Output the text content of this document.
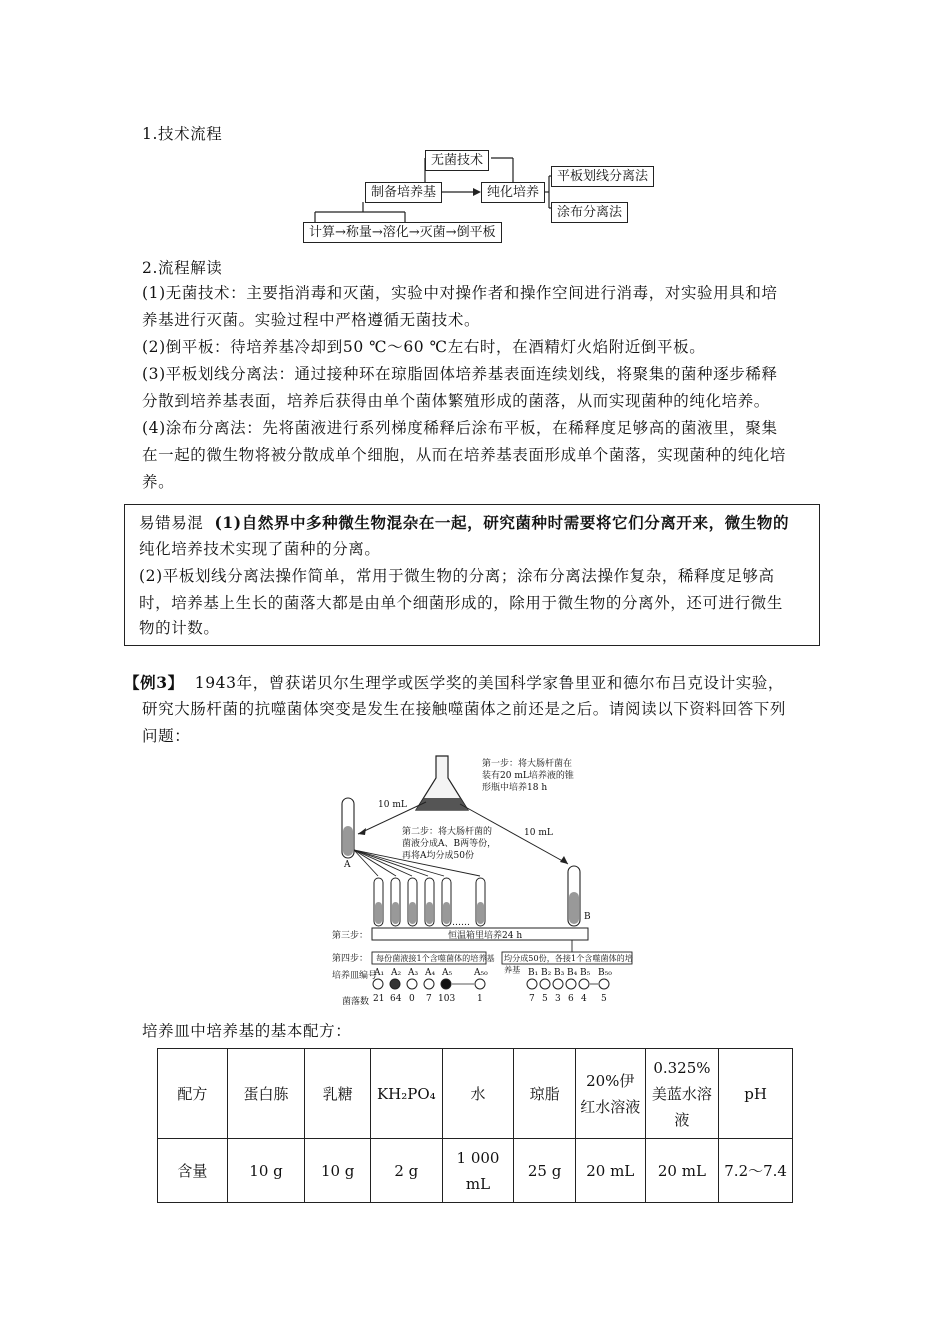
1.技术流程
无菌技术
制备培养基	纯化培养
平板划线分离法
涂布分离法
计算→称量→溶化→灭菌→倒平板
2.流程解读
(1)无菌技术：主要指消毒和灭菌，实验中对操作者和操作空间进行消毒，对实验用具和培
养基进行灭菌。实验过程中严格遵循无菌技术。
(2)倒平板：待培养基冷却到50 ℃～60 ℃左右时，在酒精灯火焰附近倒平板。
(3)平板划线分离法：通过接种环在琼脂固体培养基表面连续划线，将聚集的菌种逐步稀释
分散到培养基表面，培养后获得由单个菌体繁殖形成的菌落，从而实现菌种的纯化培养。
(4)涂布分离法：先将菌液进行系列梯度稀释后涂布平板，在稀释度足够高的菌液里，聚集
在一起的微生物将被分散成单个细胞，从而在培养基表面形成单个菌落，实现菌种的纯化培
养。
易错易混 (1)自然界中多种微生物混杂在一起，研究菌种时需要将它们分离开来，微生物的
纯化培养技术实现了菌种的分离。
(2)平板划线分离法操作简单，常用于微生物的分离；涂布分离法操作复杂，稀释度足够高
时，培养基上生长的菌落大都是由单个细菌形成的，除用于微生物的分离外，还可进行微生
物的计数。
【例3】 1943年，曾获诺贝尔生理学或医学奖的美国科学家鲁里亚和德尔布吕克设计实验，
研究大肠杆菌的抗噬菌体突变是发生在接触噬菌体之前还是之后。请阅读以下资料回答下列
问题：
第一步：将大肠杆菌在
装有20 mL培养液的锥
形瓶中培养18 h
10 mL
10 mL
第二步：将大肠杆菌的
菌液分成A、B两等份，
再将A均分成50份
A
B
……
第三步：	恒温箱里培养24 h
第四步： 每份菌液接1个含噬菌体的培养基 均分成50份，各接1个含噬菌体的培养基
培养皿编号
A₁ A₂ A₃ A₄ A₅ A₅₀	B₁ B₂ B₃ B₄ B₅ B₅₀
菌落数 21 64 0 7 103 1	7 5 3 6 4 5
培养皿中培养基的基本配方：
配方	蛋白胨	乳糖	KH₂PO₄	水	琼脂	20%伊红水溶液	0.325%美蓝水溶液	pH
含量	10 g	10 g	2 g	1 000 mL	25 g	20 mL	20 mL	7.2～7.4
